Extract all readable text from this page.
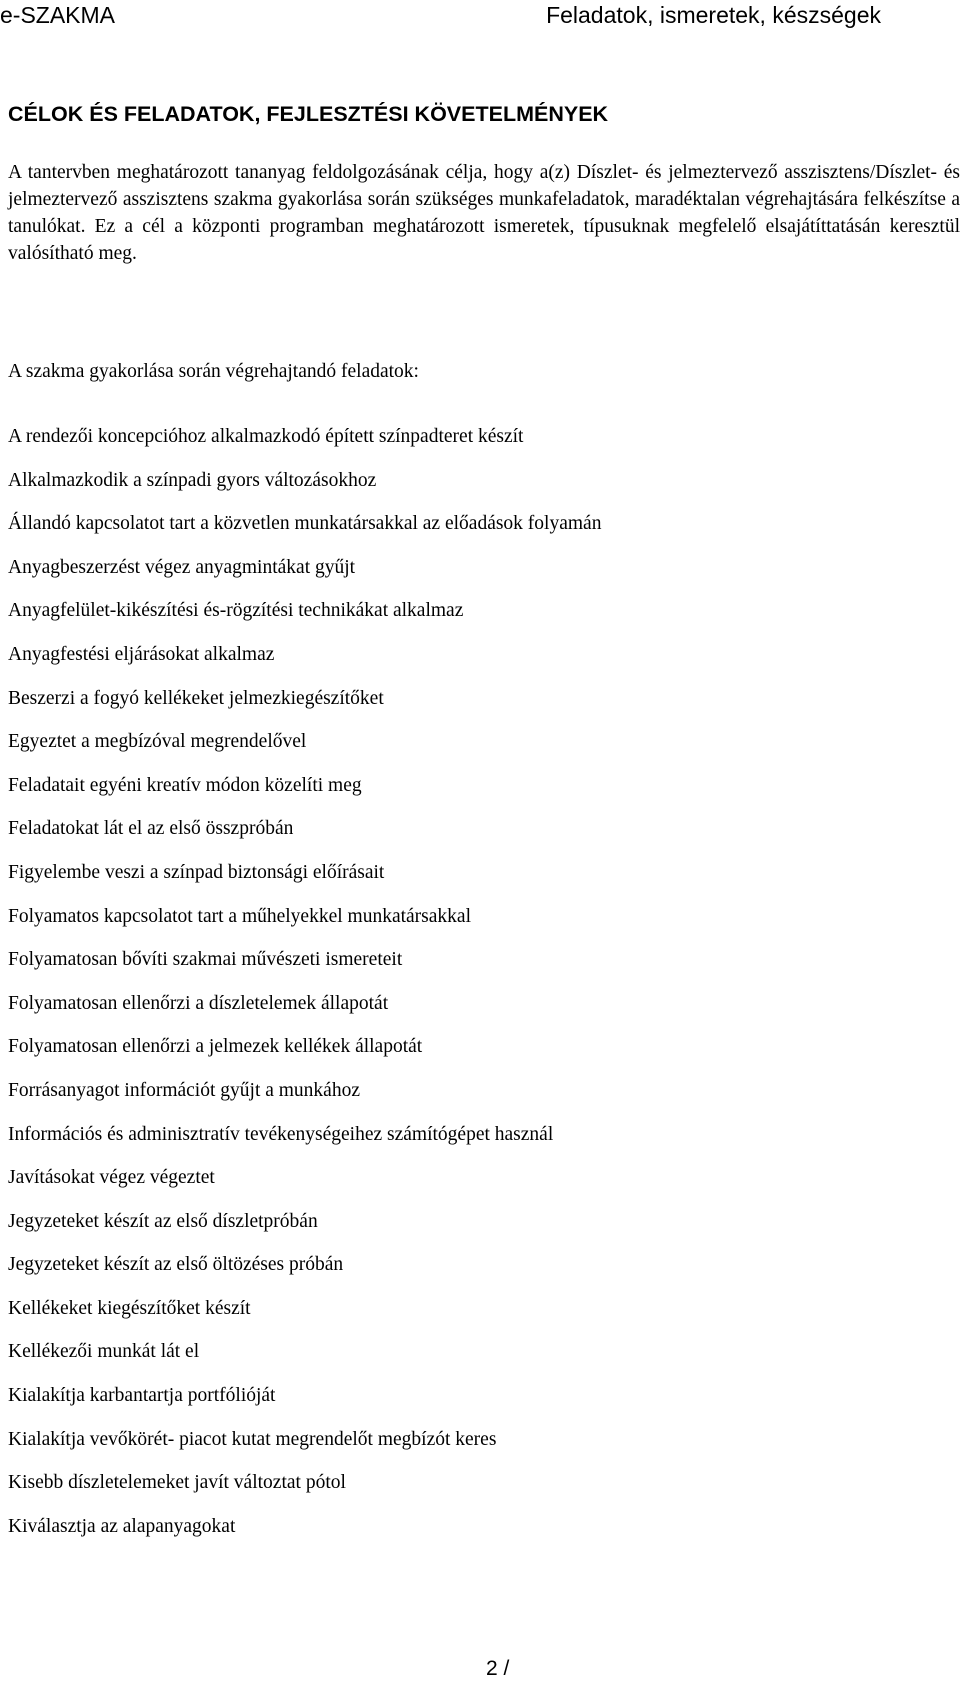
e-SZAKMA	Feladatok, ismeretek, készségek
CÉLOK ÉS FELADATOK, FEJLESZTÉSI KÖVETELMÉNYEK

A tantervben meghatározott tananyag feldolgozásának célja, hogy a(z) Díszlet- és jelmeztervező asszisztens/Díszlet- és jelmeztervező asszisztens szakma gyakorlása során szükséges munkafeladatok, maradéktalan végrehajtására felkészítse a tanulókat. Ez a cél a központi programban meghatározott ismeretek, típusuknak megfelelő elsajátíttatásán keresztül valósítható meg.

A szakma gyakorlása során végrehajtandó feladatok:

A rendezői koncepcióhoz alkalmazkodó épített színpadteret készít
Alkalmazkodik a színpadi gyors változásokhoz
Állandó kapcsolatot tart a közvetlen munkatársakkal az előadások folyamán
Anyagbeszerzést végez anyagmintákat gyűjt
Anyagfelület-kikészítési és-rögzítési technikákat alkalmaz
Anyagfestési eljárásokat alkalmaz
Beszerzi a fogyó kellékeket jelmezkiegészítőket
Egyeztet a megbízóval megrendelővel
Feladatait egyéni kreatív módon közelíti meg
Feladatokat lát el az első összpróbán
Figyelembe veszi a színpad biztonsági előírásait
Folyamatos kapcsolatot tart a műhelyekkel munkatársakkal
Folyamatosan bővíti szakmai művészeti ismereteit
Folyamatosan ellenőrzi a díszletelemek állapotát
Folyamatosan ellenőrzi a jelmezek kellékek állapotát
Forrásanyagot információt gyűjt a munkához
Információs és adminisztratív tevékenységeihez számítógépet használ
Javításokat végez végeztet
Jegyzeteket készít az első díszletpróbán
Jegyzeteket készít az első öltözéses próbán
Kellékeket kiegészítőket készít
Kellékezői munkát lát el
Kialakítja karbantartja portfólióját
Kialakítja vevőkörét- piacot kutat megrendelőt megbízót keres
Kisebb díszletelemeket javít változtat pótol
Kiválasztja az alapanyagokat
2 /
